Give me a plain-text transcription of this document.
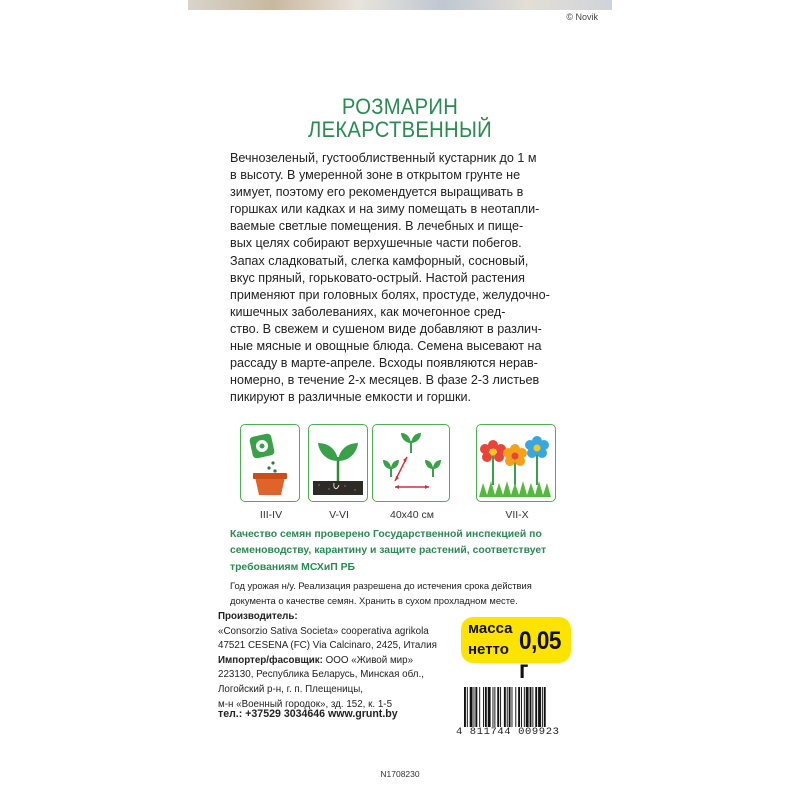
© Novik
РОЗМАРИН
ЛЕКАРСТВЕННЫЙ
Вечнозеленый, густооблиственный кустарник до 1 м
в высоту. В умеренной зоне в открытом грунте не
зимует, поэтому его рекомендуется выращивать в
горшках или кадках и на зиму помещать в неотапли-
ваемые светлые помещения. В лечебных и пище-
вых целях собирают верхушечные части побегов.
Запах сладковатый, слегка камфорный, сосновый,
вкус пряный, горьковато-острый. Настой растения
применяют при головных болях, простуде, желудочно-
кишечных заболеваниях, как мочегонное сред-
ство. В свежем и сушеном виде добавляют в различ-
ные мясные и овощные блюда. Семена высевают на
рассаду в марте-апреле. Всходы появляются нерав-
номерно, в течение 2-х месяцев. В фазе 2-3 листьев
пикируют в различные емкости и горшки.
III-IV	V-VI	40x40 см	VII-X
Качество семян проверено Государственной инспекцией по
семеноводству, карантину и защите растений, соответствует
требованиям МСХиП РБ
Год урожая н/у. Реализация разрешена до истечения срока действия
документа о качестве семян. Хранить в сухом прохладном месте.
Производитель:
«Consorzio Sativa Societa» cooperativa agrikola
47521 CESENA (FC) Via Calcinaro, 2425, Италия
Импортер/фасовщик: ООО «Живой мир»
223130, Республика Беларусь, Минская обл.,
Логойский р-н, г. п. Плещеницы,
м-н «Военный городок», зд. 152, к. 1-5
масса
нетто 0,05 г
тел.: +37529 3034646 www.grunt.by
4 811744 009923
N1708230
